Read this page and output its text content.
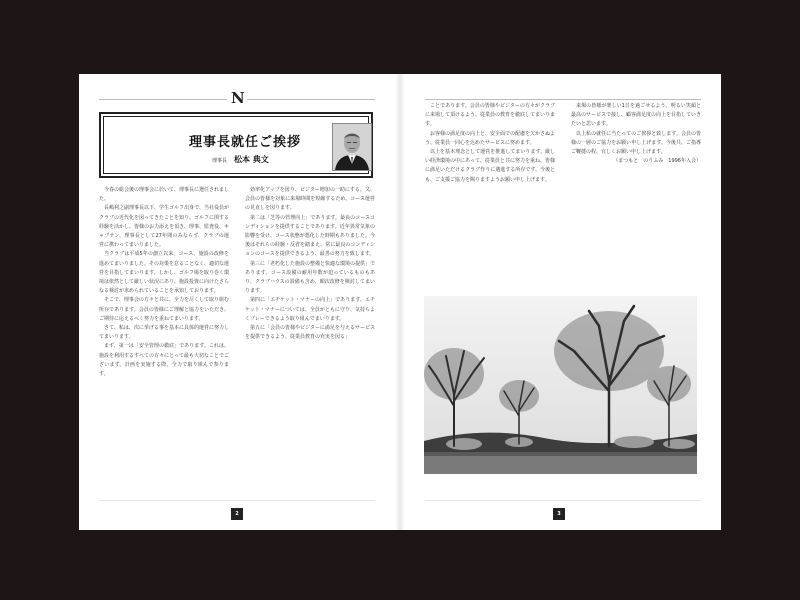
N
理事長就任ご挨拶
理事長 松本 典文

今春の総会後の理事会に於いて、理事長に選任されました。

長嶋利之副理事長以下、学生ゴルフ出身で、当社役員がクラブの近代化を図ってきたことを知り、ゴルフに関する経験を活かし、皆様のお力添えを頂き、理事、監査役、キャプテン、理事長として27年間のみならず、クラブの運営に携わってまいりました。

当クラブは平成5年の創立以来、コース、施設の改修を進めてまいりました。その対策を怠ることなく、適切な運営を目指してまいります。しかし、ゴルフ場を取り巻く環境は依然として厳しい状況にあり、施設投資に向けたさらなる検討が求められていることを承知しております。

そこで、理事会の方々と共に、全力を尽くして取り組む所存であります。会員の皆様にご理解と協力をいただき、ご期待に応えるべく努力を重ねてまいります。

さて、私は、次に挙げる事を基本に具体的運営に努力してまいります。

まず、第一は「安全管理の徹底」であります。これは、施設を利用するすべての方々にとって最も大切なことでございます。計画を実施する際、全力で取り組んで参ります。

効率化アップを図り、ビジター増加の一助にする。又、会員の皆様を対象に来場時間を短縮するため、コース運営の見直しを図ります。

第二は「芝等の管理向上」であります。最良のコースコンディションを提供することであります。近年異常気象の影響を受け、コース状態が悪化した時期もありました。今後はそれらの経験・反省を踏まえ、常に最良のコンディションのコースを提供できるよう、最善の努力を致します。

第三に「老朽化した施設の整備と快適な環境の提供」であります。コース設備の耐用年数が迫っているものもあり、クラブハウスの設備も含め、順次改修を検討してまいります。

第四に「エチケット・マナーの向上」であります。エチケット・マナーについては、全員がともに守り、気持ちよくプレーできるよう取り組んでまいります。

第五に「会員の皆様やビジターに満足を与えるサービスを提供できるよう、従業員教育の充実を図る」

2

ことであります。会員の皆様やビジターの方々がクラブに来場して頂けるよう、従業員の教育を徹底してまいります。

お客様の満足度の向上と、安全面での配慮を欠かさぬよう、従業員一同心を込めたサービスに努めます。

以上を基本理念として運営を推進してまいります。厳しい経済環境の中にあって、従業員と共に努力を重ね、皆様に満足いただけるクラブ作りに邁進する所存です。今後とも、ご支援ご協力を賜りますようお願い申し上げます。

来場の皆様が楽しい1日を過ごせるよう、明るい笑顔と最高のサービスで接し、顧客満足度の向上を目指していきたいと思います。

以上私の就任に当たってのご挨拶と致します。会員の皆様の一層のご協力をお願い申し上げます。今後共、ご指導ご鞭撻の程、宜しくお願い申し上げます。

（まつもと　のりふみ　1996年入会）

3
